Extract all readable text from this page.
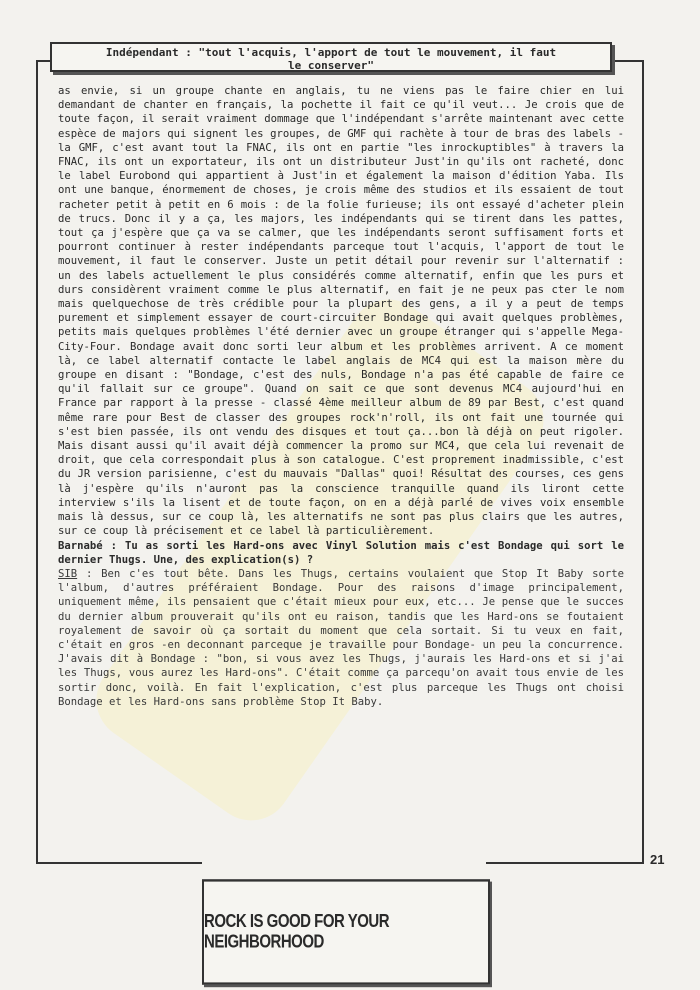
Indépendant : "tout l'acquis, l'apport de tout le mouvement, il faut
le conserver"

as envie, si un groupe chante en anglais, tu ne viens pas le faire chier en lui demandant de chanter en français, la pochette il fait ce qu'il veut... Je crois que de toute façon, il serait vraiment dommage que l'indépendant s'arrête maintenant avec cette espèce de majors qui signent les groupes, de GMF qui rachète à tour de bras des labels -la GMF, c'est avant tout la FNAC, ils ont en partie "les inrockuptibles" à travers la FNAC, ils ont un exportateur, ils ont un distributeur Just'in qu'ils ont racheté, donc le label Eurobond qui appartient à Just'in et également la maison d'édition Yaba. Ils ont une banque, énormement de choses, je crois même des studios et ils essaient de tout racheter petit à petit en 6 mois : de la folie furieuse; ils ont essayé d'acheter plein de trucs. Donc il y a ça, les majors, les indépendants qui se tirent dans les pattes, tout ça j'espère que ça va se calmer, que les indépendants seront suffisament forts et pourront continuer à rester indépendants parceque tout l'acquis, l'apport de tout le mouvement, il faut le conserver. Juste un petit détail pour revenir sur l'alternatif : un des labels actuellement le plus considérés comme alternatif, enfin que les purs et durs considèrent vraiment comme le plus alternatif, en fait je ne peux pas cter le nom mais quelquechose de très crédible pour la plupart des gens, a il y a peut de temps purement et simplement essayer de court-circuiter Bondage qui avait quelques problèmes, petits mais quelques problèmes l'été dernier avec un groupe étranger qui s'appelle Mega-City-Four. Bondage avait donc sorti leur album et les problèmes arrivent. A ce moment là, ce label alternatif contacte le label anglais de MC4 qui est la maison mère du groupe en disant : "Bondage, c'est des nuls, Bondage n'a pas été capable de faire ce qu'il fallait sur ce groupe". Quand on sait ce que sont devenus MC4 aujourd'hui en France par rapport à la presse - classé 4ème meilleur album de 89 par Best, c'est quand même rare pour Best de classer des groupes rock'n'roll, ils ont fait une tournée qui s'est bien passée, ils ont vendu des disques et tout ça...bon là déjà on peut rigoler. Mais disant aussi qu'il avait déjà commencer la promo sur MC4, que cela lui revenait de droit, que cela correspondait plus à son catalogue. C'est proprement inadmissible, c'est du JR version parisienne, c'est du mauvais "Dallas" quoi! Résultat des courses, ces gens là j'espère qu'ils n'auront pas la conscience tranquille quand ils liront cette interview s'ils la lisent et de toute façon, on en a déjà parlé de vives voix ensemble mais là dessus, sur ce coup là, les alternatifs ne sont pas plus clairs que les autres, sur ce coup là précisement et ce label là particulièrement.

Barnabé : Tu as sorti les Hard-ons avec Vinyl Solution mais c'est Bondage qui sort le dernier Thugs. Une, des explication(s) ?

SIB : Ben c'es tout bête. Dans les Thugs, certains voulaient que Stop It Baby sorte l'album, d'autres préféraient Bondage. Pour des raisons d'image principalement, uniquement même, ils pensaient que c'était mieux pour eux, etc... Je pense que le succes du dernier album prouverait qu'ils ont eu raison, tandis que les Hard-ons se foutaient royalement de savoir où ça sortait du moment que cela sortait. Si tu veux en fait, c'était en gros -en deconnant parceque je travaille pour Bondage- un peu la concurrence. J'avais dit à Bondage : "bon, si vous avez les Thugs, j'aurais les Hard-ons et si j'ai les Thugs, vous aurez les Hard-ons". C'était comme ça parcequ'on avait tous envie de les sortir donc, voilà. En fait l'explication, c'est plus parceque les Thugs ont choisi Bondage et les Hard-ons sans problème Stop It Baby.

ROCK IS GOOD FOR YOUR NEIGHBORHOOD
21
